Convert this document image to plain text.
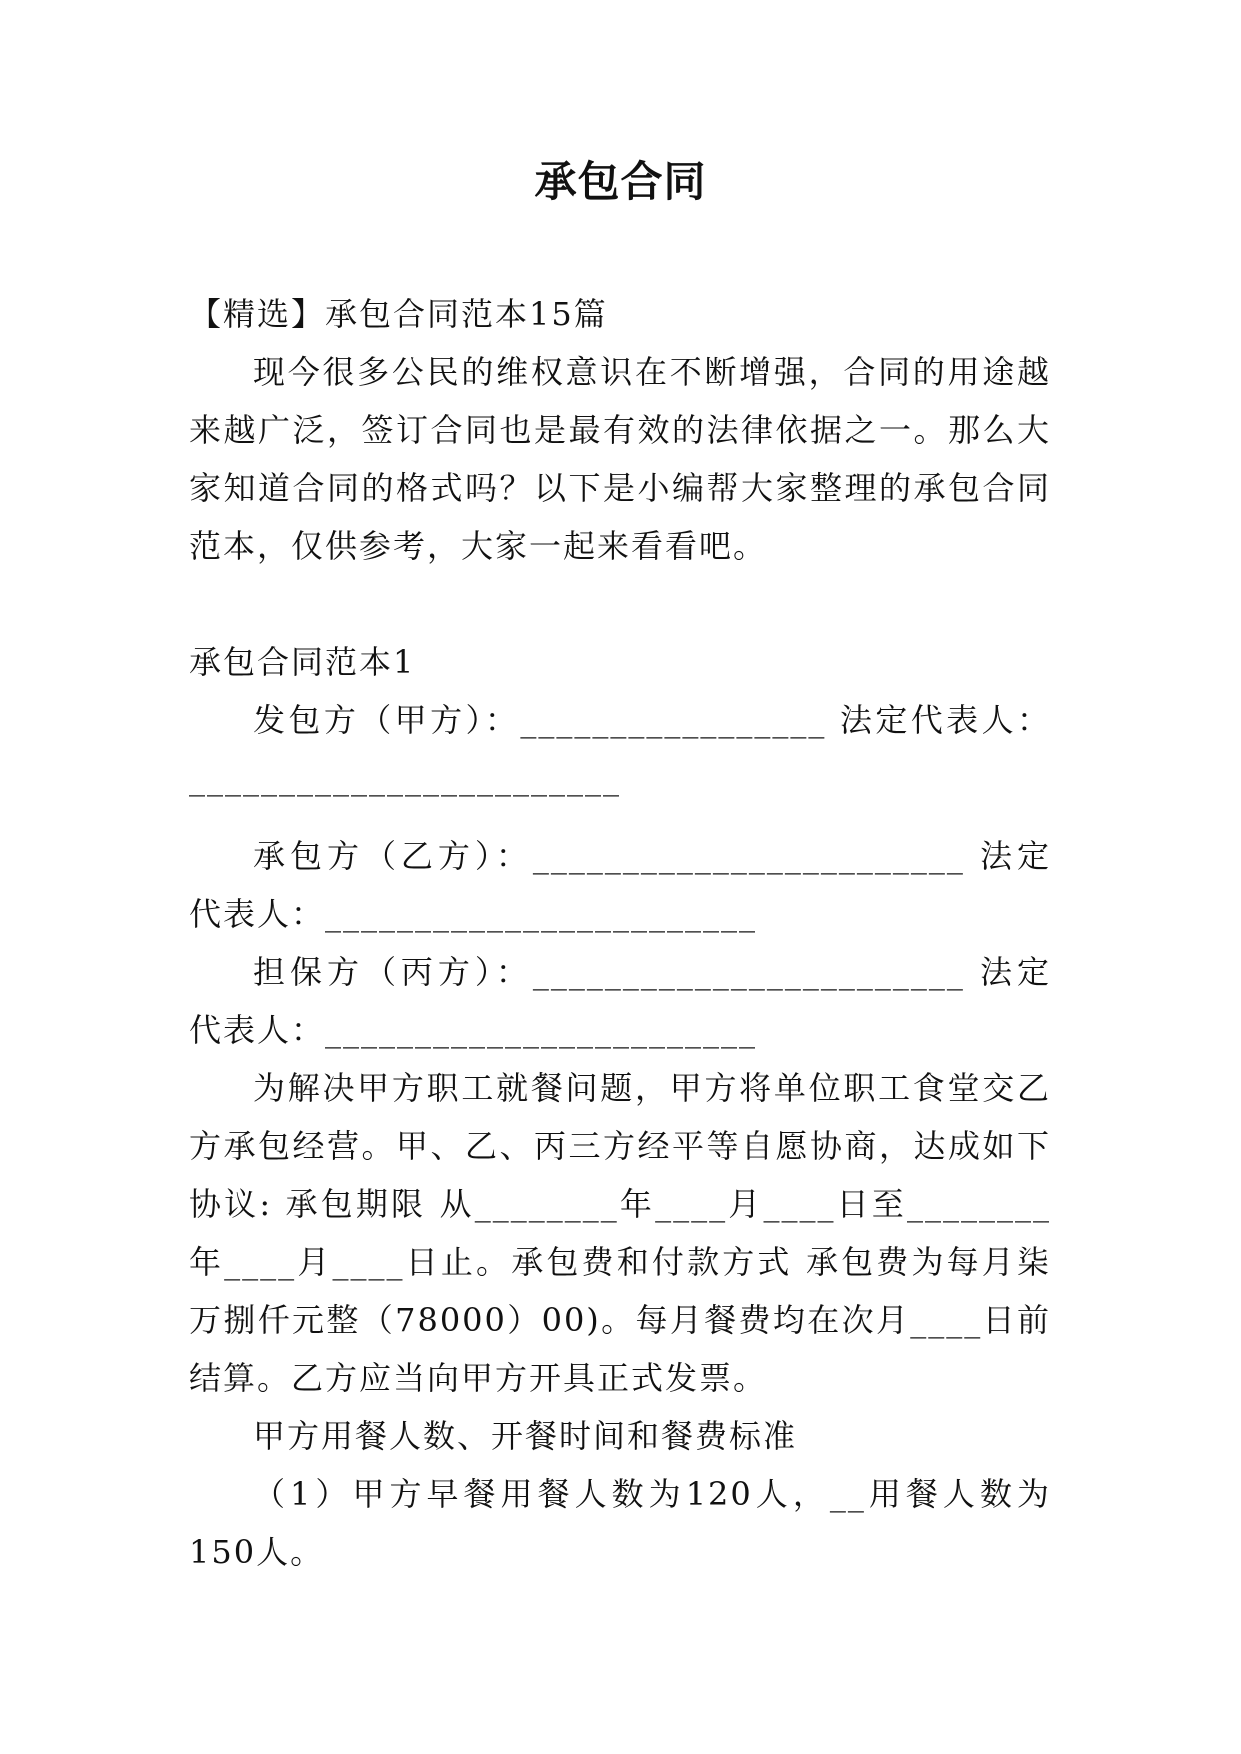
承包合同

【精选】承包合同范本15篇

现今很多公民的维权意识在不断增强，合同的用途越来越广泛，签订合同也是最有效的法律依据之一。那么大家知道合同的格式吗？以下是小编帮大家整理的承包合同范本，仅供参考，大家一起来看看吧。

承包合同范本1

发包方（甲方）：_________________ 法定代表人：________________________

承包方（乙方）：________________________ 法定代表人：________________________

担保方（丙方）：________________________ 法定代表人：________________________

为解决甲方职工就餐问题，甲方将单位职工食堂交乙方承包经营。甲、乙、丙三方经平等自愿协商，达成如下协议: 承包期限 从________年____月____日至________年____月____日止。承包费和付款方式 承包费为每月柒万捌仟元整（78000）00)。每月餐费均在次月____日前结算。乙方应当向甲方开具正式发票。

甲方用餐人数、开餐时间和餐费标准

（1）甲方早餐用餐人数为120人，__用餐人数为150人。
